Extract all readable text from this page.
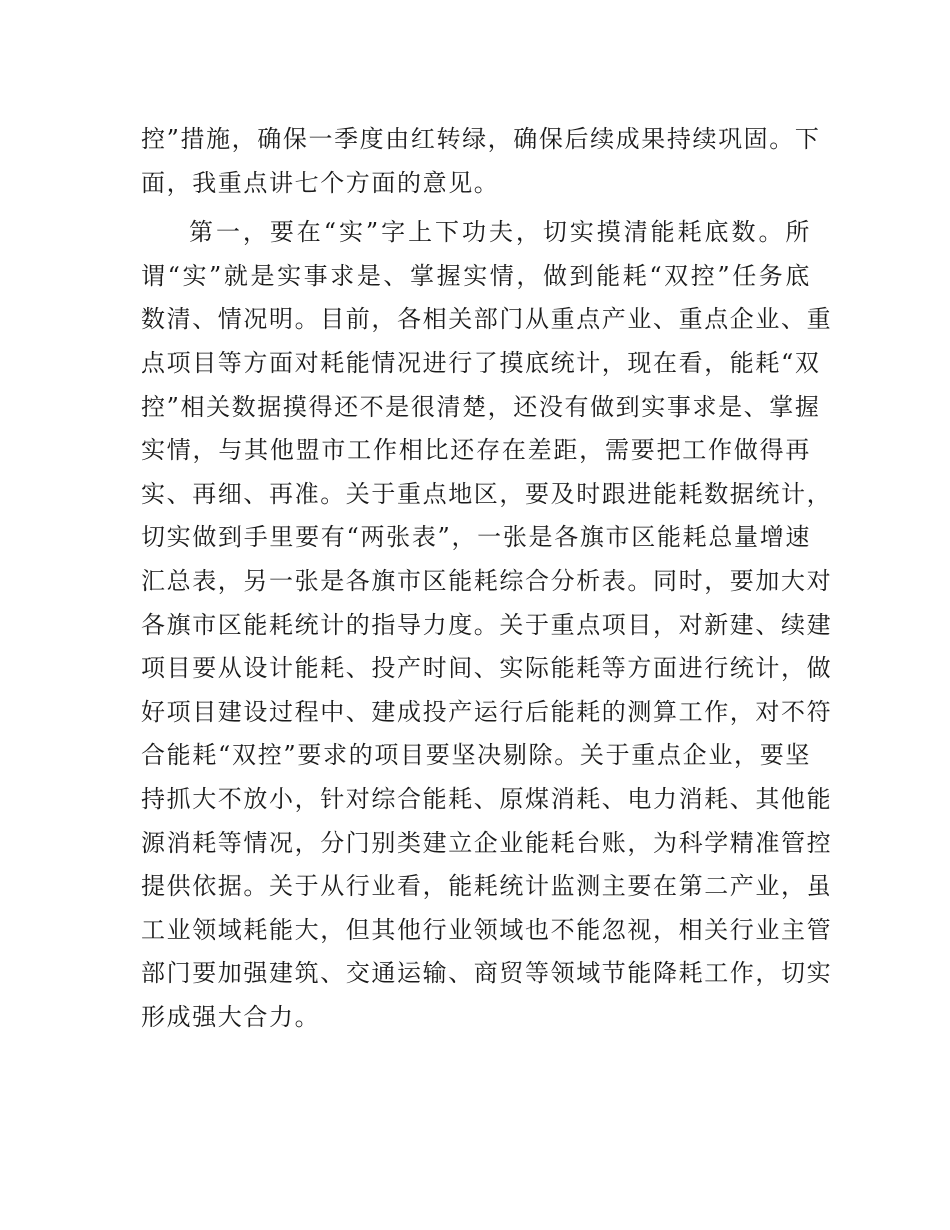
控”措施，确保一季度由红转绿，确保后续成果持续巩固。下
面，我重点讲七个方面的意见。

第一，要在“实”字上下功夫，切实摸清能耗底数。所
谓“实”就是实事求是、掌握实情，做到能耗“双控”任务底
数清、情况明。目前，各相关部门从重点产业、重点企业、重
点项目等方面对耗能情况进行了摸底统计，现在看，能耗“双
控”相关数据摸得还不是很清楚，还没有做到实事求是、掌握
实情，与其他盟市工作相比还存在差距，需要把工作做得再
实、再细、再准。关于重点地区，要及时跟进能耗数据统计，
切实做到手里要有“两张表”，一张是各旗市区能耗总量增速
汇总表，另一张是各旗市区能耗综合分析表。同时，要加大对
各旗市区能耗统计的指导力度。关于重点项目，对新建、续建
项目要从设计能耗、投产时间、实际能耗等方面进行统计，做
好项目建设过程中、建成投产运行后能耗的测算工作，对不符
合能耗“双控”要求的项目要坚决剔除。关于重点企业，要坚
持抓大不放小，针对综合能耗、原煤消耗、电力消耗、其他能
源消耗等情况，分门别类建立企业能耗台账，为科学精准管控
提供依据。关于从行业看，能耗统计监测主要在第二产业，虽
工业领域耗能大，但其他行业领域也不能忽视，相关行业主管
部门要加强建筑、交通运输、商贸等领域节能降耗工作，切实
形成强大合力。
